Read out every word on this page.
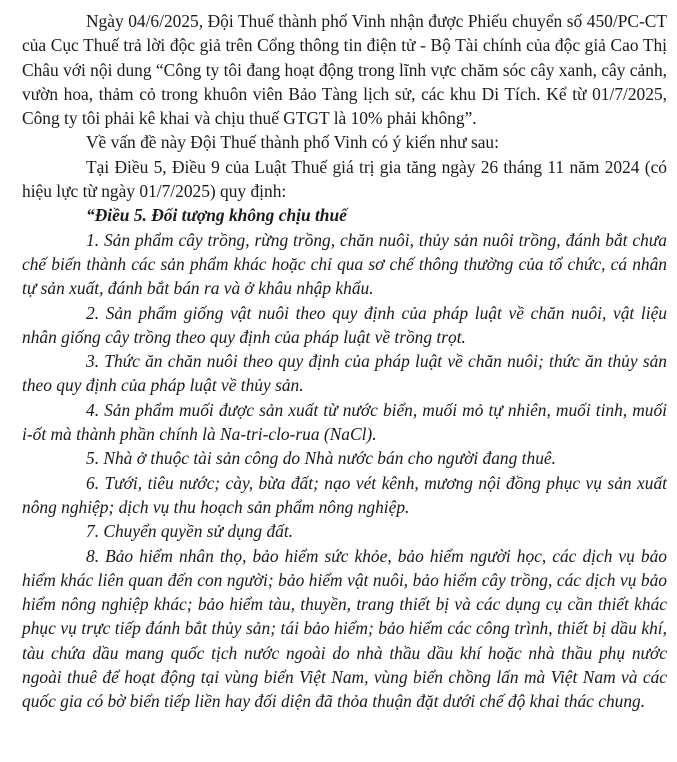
Ngày 04/6/2025, Đội Thuế thành phố Vinh nhận được Phiếu chuyển số 450/PC-CT của Cục Thuế trả lời độc giả trên Cổng thông tin điện tử - Bộ Tài chính của độc giả Cao Thị Châu với nội dung “Công ty tôi đang hoạt động trong lĩnh vực chăm sóc cây xanh, cây cảnh, vườn hoa, thảm cỏ trong khuôn viên Bảo Tàng lịch sử, các khu Di Tích. Kể từ 01/7/2025, Công ty tôi phải kê khai và chịu thuế GTGT là 10% phải không”.

Về vấn đề này Đội Thuế thành phố Vinh có ý kiến như sau:

Tại Điều 5, Điều 9 của Luật Thuế giá trị gia tăng ngày 26 tháng 11 năm 2024 (có hiệu lực từ ngày 01/7/2025) quy định:

“Điều 5. Đối tượng không chịu thuế

1. Sản phẩm cây trồng, rừng trồng, chăn nuôi, thủy sản nuôi trồng, đánh bắt chưa chế biến thành các sản phẩm khác hoặc chỉ qua sơ chế thông thường của tổ chức, cá nhân tự sản xuất, đánh bắt bán ra và ở khâu nhập khẩu.

2. Sản phẩm giống vật nuôi theo quy định của pháp luật về chăn nuôi, vật liệu nhân giống cây trồng theo quy định của pháp luật về trồng trọt.

3. Thức ăn chăn nuôi theo quy định của pháp luật về chăn nuôi; thức ăn thủy sản theo quy định của pháp luật về thủy sản.

4. Sản phẩm muối được sản xuất từ nước biển, muối mỏ tự nhiên, muối tinh, muối i-ốt mà thành phần chính là Na-tri-clo-rua (NaCl).

5. Nhà ở thuộc tài sản công do Nhà nước bán cho người đang thuê.

6. Tưới, tiêu nước; cày, bừa đất; nạo vét kênh, mương nội đồng phục vụ sản xuất nông nghiệp; dịch vụ thu hoạch sản phẩm nông nghiệp.

7. Chuyển quyền sử dụng đất.

8. Bảo hiểm nhân thọ, bảo hiểm sức khỏe, bảo hiểm người học, các dịch vụ bảo hiểm khác liên quan đến con người; bảo hiểm vật nuôi, bảo hiểm cây trồng, các dịch vụ bảo hiểm nông nghiệp khác; bảo hiểm tàu, thuyền, trang thiết bị và các dụng cụ cần thiết khác phục vụ trực tiếp đánh bắt thủy sản; tái bảo hiểm; bảo hiểm các công trình, thiết bị dầu khí, tàu chứa dầu mang quốc tịch nước ngoài do nhà thầu dầu khí hoặc nhà thầu phụ nước ngoài thuê để hoạt động tại vùng biển Việt Nam, vùng biển chồng lấn mà Việt Nam và các quốc gia có bờ biển tiếp liền hay đối diện đã thỏa thuận đặt dưới chế độ khai thác chung.
